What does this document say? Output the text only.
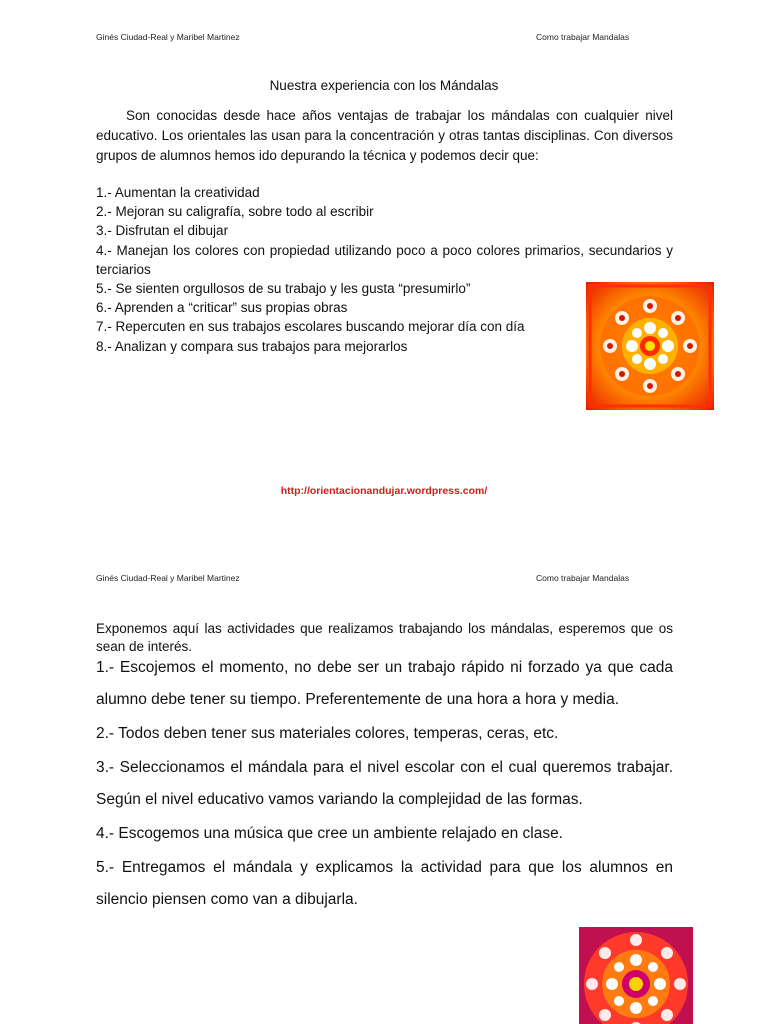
Ginés Ciudad-Real y Maribel Martinez	Como trabajar Mandalas
Nuestra experiencia con los Mándalas
Son conocidas desde hace años ventajas de trabajar los mándalas con cualquier nivel educativo. Los orientales las usan para la concentración y otras tantas disciplinas. Con diversos grupos de alumnos hemos ido depurando la técnica y podemos decir que:
1.- Aumentan la creatividad
2.- Mejoran su caligrafía, sobre todo al escribir
3.- Disfrutan el dibujar
4.- Manejan los colores con propiedad utilizando poco a poco colores primarios, secundarios y terciarios
5.- Se sienten orgullosos de su trabajo y les gusta “presumirlo”
6.- Aprenden a “criticar” sus propias obras
7.- Repercuten en sus trabajos escolares buscando mejorar día con día
8.- Analizan y compara sus trabajos para mejorarlos
http://orientacionandujar.wordpress.com/
Ginés Ciudad-Real y Maribel Martinez	Como trabajar Mandalas
Exponemos aquí las actividades que realizamos trabajando los mándalas, esperemos que os sean de interés.
1.- Escojemos el momento, no debe ser un trabajo rápido ni forzado ya que cada alumno debe tener su tiempo. Preferentemente de una hora a hora y media.
2.- Todos deben tener sus materiales colores, temperas, ceras, etc.
3.- Seleccionamos el mándala para el nivel escolar con el cual queremos trabajar. Según el nivel educativo vamos variando la complejidad de las formas.
4.- Escogemos una música que cree un ambiente relajado en clase.
5.- Entregamos el mándala y explicamos la actividad para que los alumnos en silencio piensen como van a dibujarla.
